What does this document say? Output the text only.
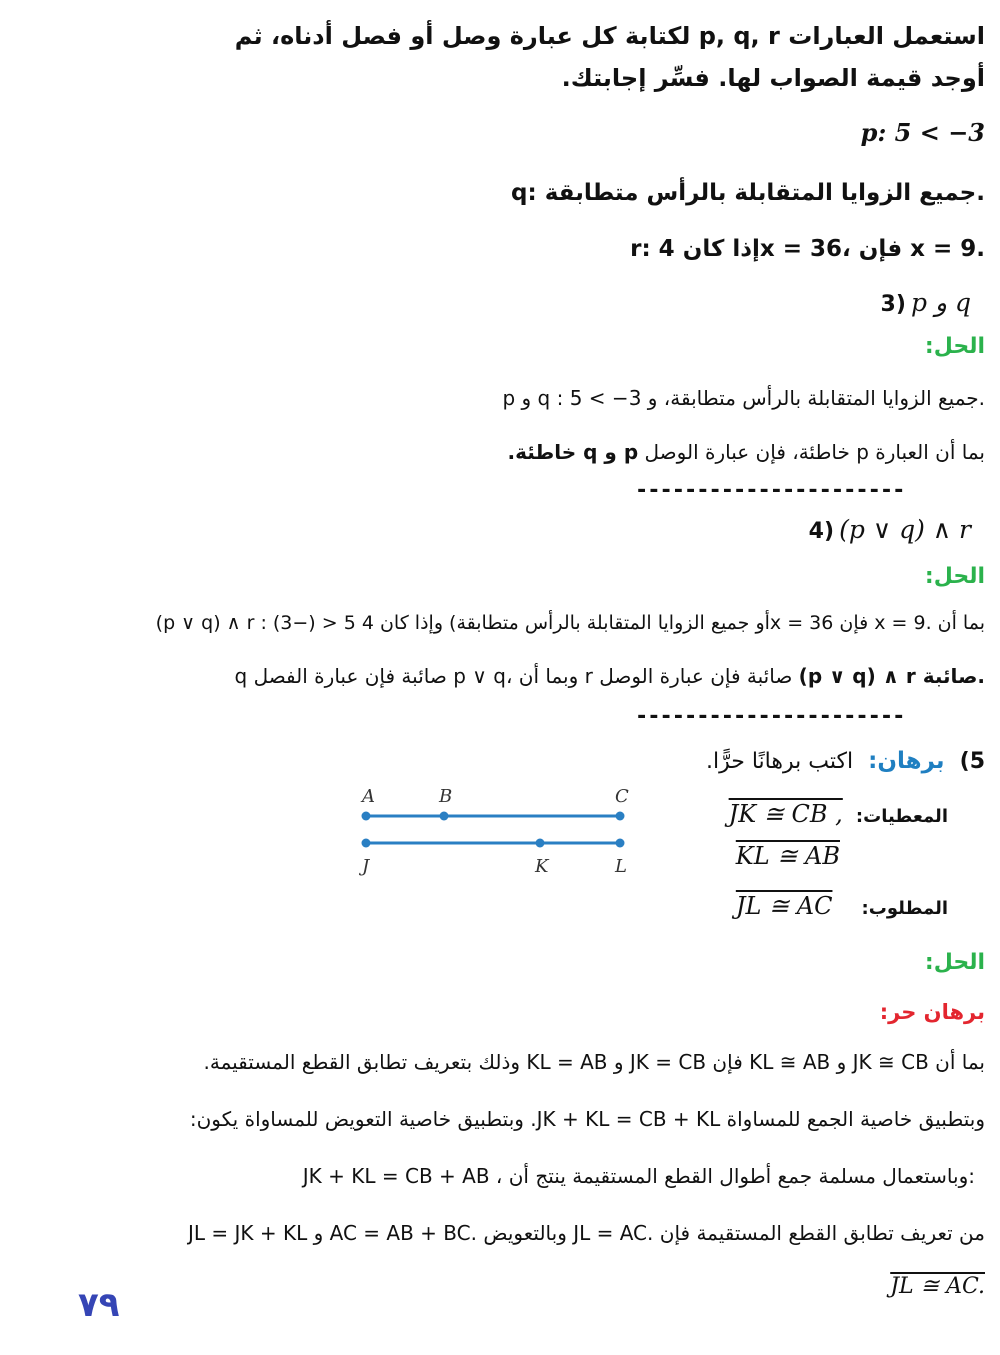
استعمل العبارات p, q, r لكتابة كل عبارة وصل أو فصل أدناه، ثم
أوجد قيمة الصواب لها. فسِّر إجابتك.
p: 5 < −3
q: جميع الزوايا المتقابلة بالرأس متطابقة.
r: إذا كان 4x = 36، فإن x = 9.
3) p و q
الحل:
p و q : جميع الزوايا المتقابلة بالرأس متطابقة، و 3− > 5.
بما أن العبارة p خاطئة، فإن عبارة الوصل p و q خاطئة.
----------------------
4) (p ∨ q) ∧ r
الحل:
(p ∨ q) ∧ r : (3−) > 5 أو جميع الزوايا المتقابلة بالرأس متطابقة) وإذا كان 4x = 36 فإن x = 9. بما أن
q صائبة فإن عبارة الفصل p ∨ q، وبما أن r صائبة فإن عبارة الوصل (p ∨ q) ∧ r صائبة.
----------------------
5) برهان: اكتب برهانًا حرًّا.
المعطيات: JK ≅ CB ,
KL ≅ AB
المطلوب: JL ≅ AC
A	B	C
J	K	L
الحل:
برهان حر:
بما أن JK ≅ CB و KL ≅ AB فإن JK = CB و KL = AB وذلك بتعريف تطابق القطع المستقيمة.
وبتطبيق خاصية الجمع للمساواة JK + KL = CB + KL. وبتطبيق خاصية التعويض للمساواة يكون:
JK + KL = CB + AB ، وباستعمال مسلمة جمع أطوال القطع المستقيمة ينتج أن:
JL = JK + KL و AC = AB + BC. وبالتعويض JL = AC. من تعريف تطابق القطع المستقيمة فإن
JL ≅ AC.
٧٩
